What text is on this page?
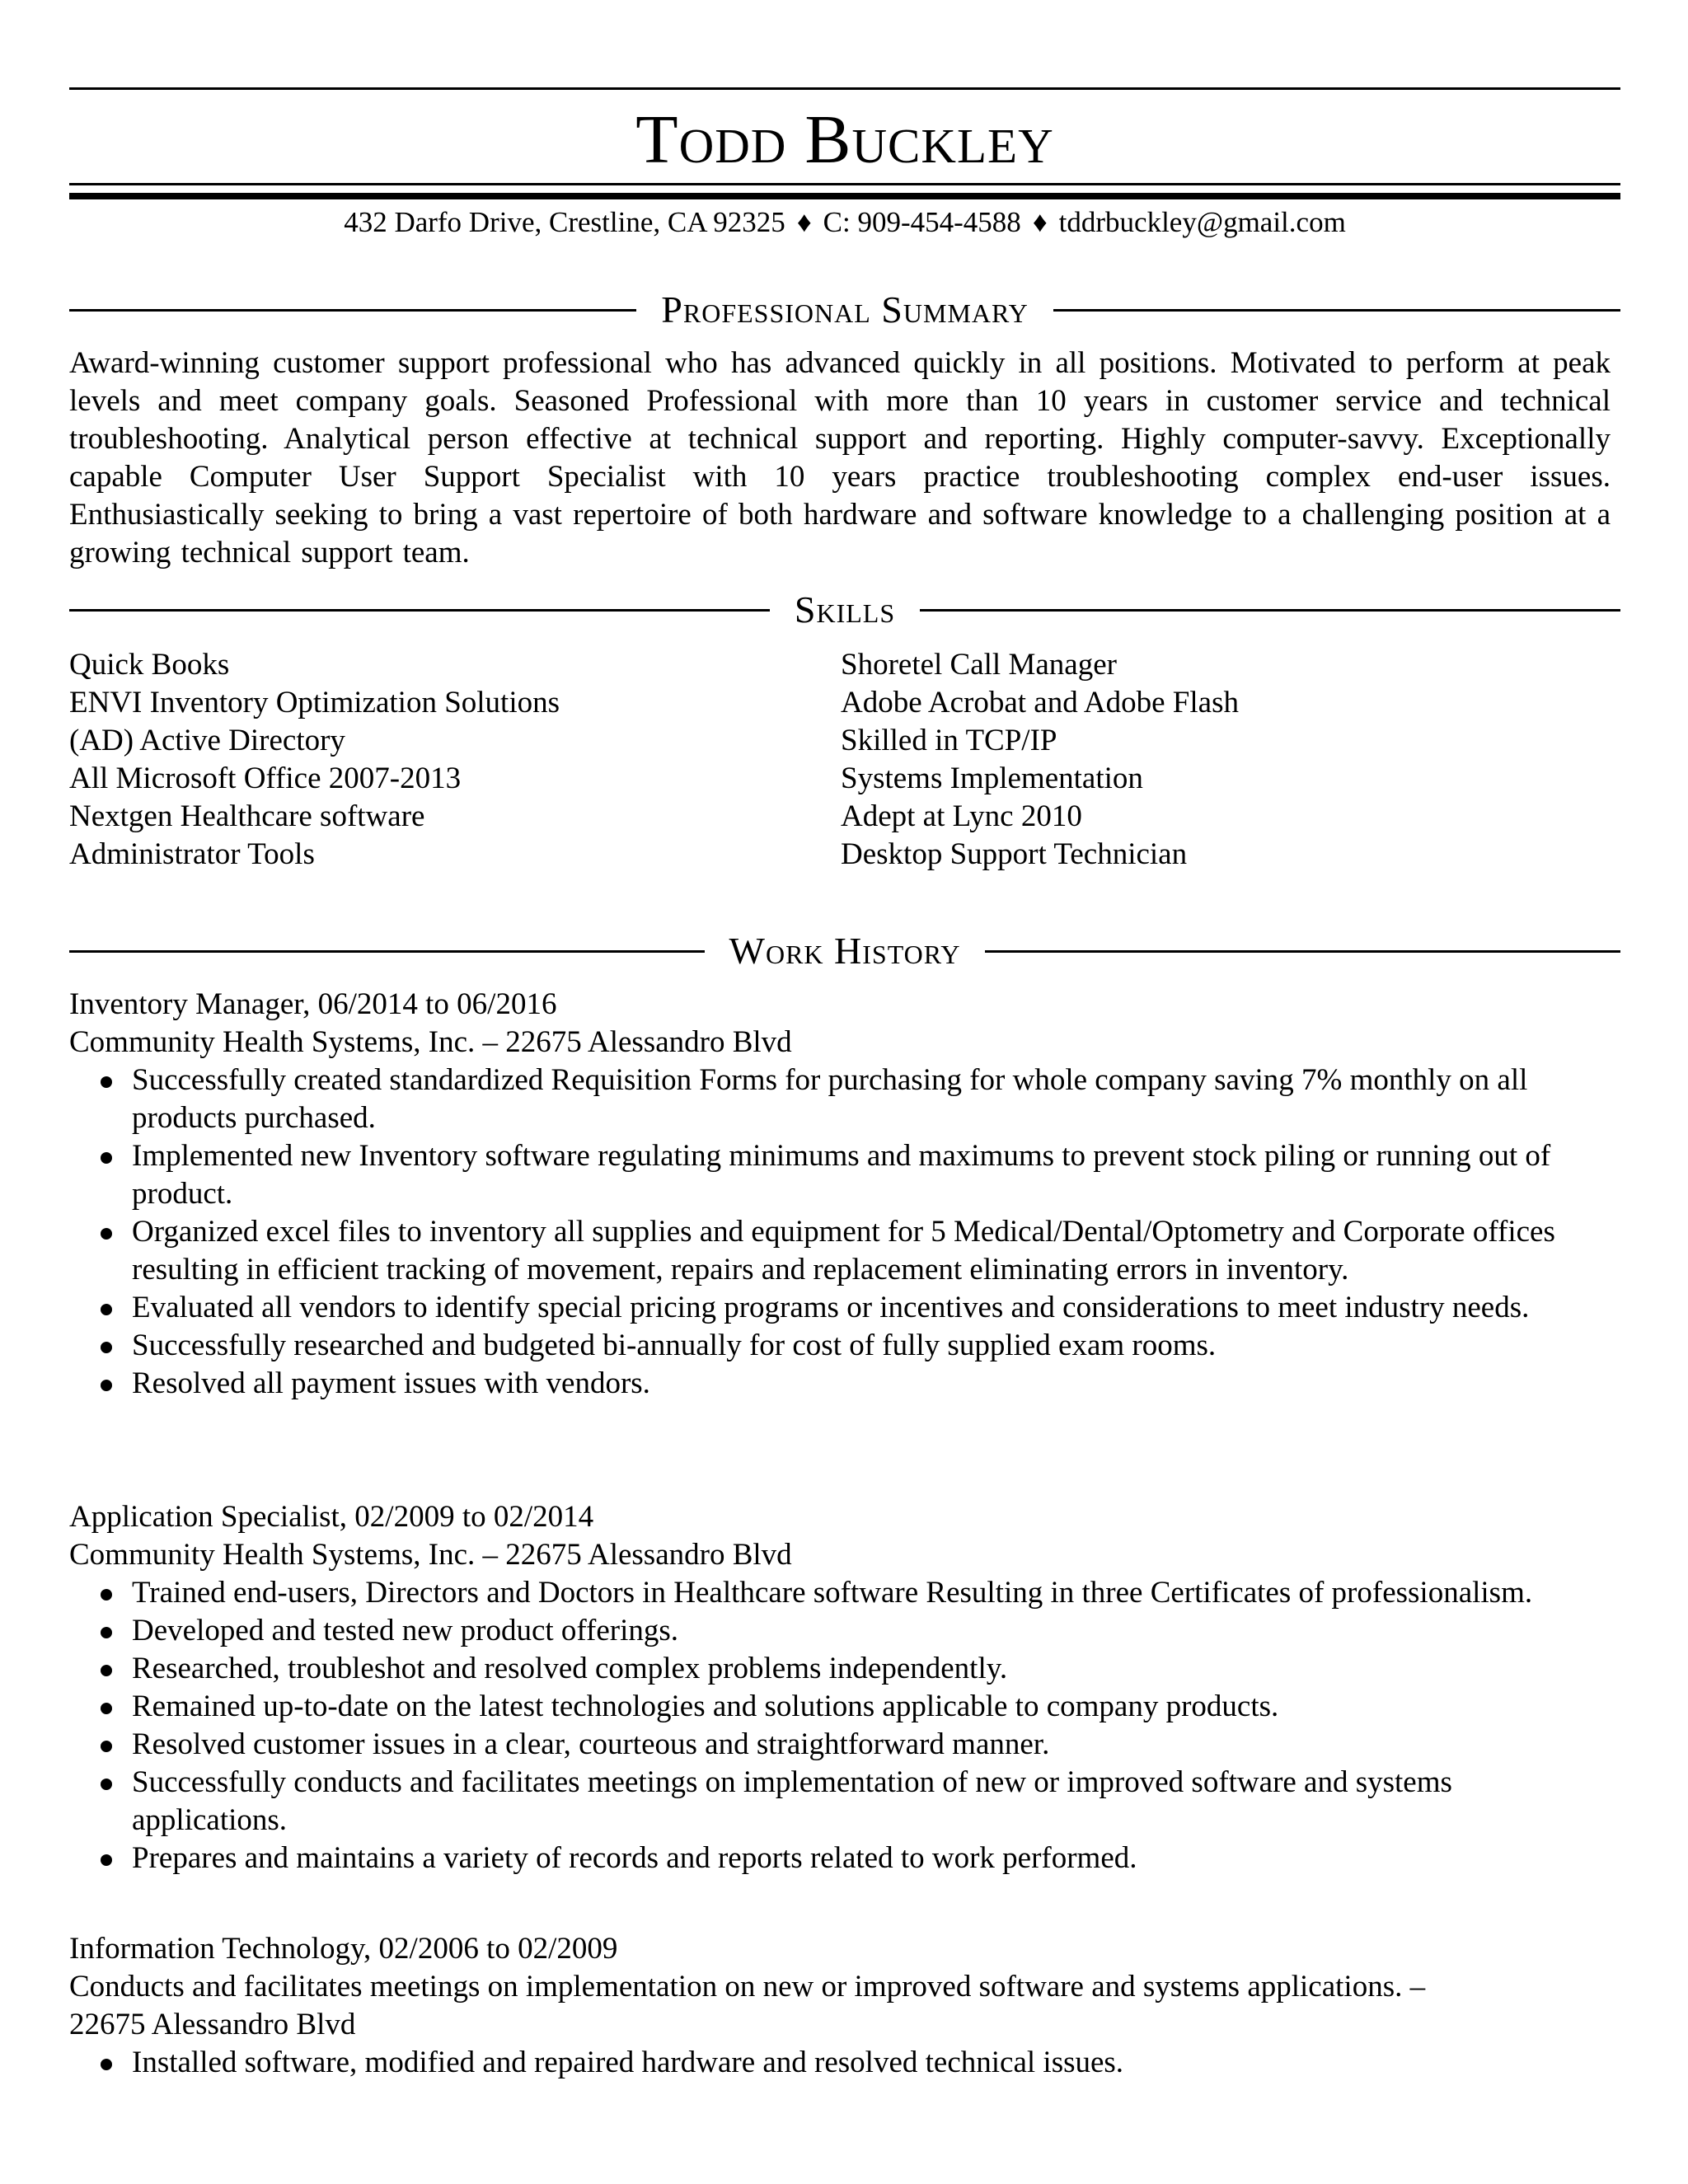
Todd Buckley
432 Darfo Drive, Crestline, CA 92325 ♦ C: 909-454-4588 ♦ tddrbuckley@gmail.com
Professional Summary
Award-winning customer support professional who has advanced quickly in all positions. Motivated to perform at peak levels and meet company goals. Seasoned Professional with more than 10 years in customer service and technical troubleshooting. Analytical person effective at technical support and reporting. Highly computer-savvy. Exceptionally capable Computer User Support Specialist with 10 years practice troubleshooting complex end-user issues. Enthusiastically seeking to bring a vast repertoire of both hardware and software knowledge to a challenging position at a growing technical support team.
Skills
Quick Books
ENVI Inventory Optimization Solutions
(AD) Active Directory
All Microsoft Office 2007-2013
Nextgen Healthcare software
Administrator Tools
Shoretel Call Manager
Adobe Acrobat and Adobe Flash
Skilled in TCP/IP
Systems Implementation
Adept at Lync 2010
Desktop Support Technician
Work History
Inventory Manager, 06/2014 to 06/2016
Community Health Systems, Inc. – 22675 Alessandro Blvd
Successfully created standardized Requisition Forms for purchasing for whole company saving 7% monthly on all products purchased.
Implemented new Inventory software regulating minimums and maximums to prevent stock piling or running out of product.
Organized excel files to inventory all supplies and equipment for 5 Medical/Dental/Optometry and Corporate offices resulting in efficient tracking of movement, repairs and replacement eliminating errors in inventory.
Evaluated all vendors to identify special pricing programs or incentives and considerations to meet industry needs.
Successfully researched and budgeted bi-annually for cost of fully supplied exam rooms.
Resolved all payment issues with vendors.
Application Specialist, 02/2009 to 02/2014
Community Health Systems, Inc. – 22675 Alessandro Blvd
Trained end-users, Directors and Doctors in Healthcare software Resulting in three Certificates of professionalism.
Developed and tested new product offerings.
Researched, troubleshot and resolved complex problems independently.
Remained up-to-date on the latest technologies and solutions applicable to company products.
Resolved customer issues in a clear, courteous and straightforward manner.
Successfully conducts and facilitates meetings on implementation of new or improved software and systems applications.
Prepares and maintains a variety of records and reports related to work performed.
Information Technology, 02/2006 to 02/2009
Conducts and facilitates meetings on implementation on new or improved software and systems applications. – 22675 Alessandro Blvd
Installed software, modified and repaired hardware and resolved technical issues.
